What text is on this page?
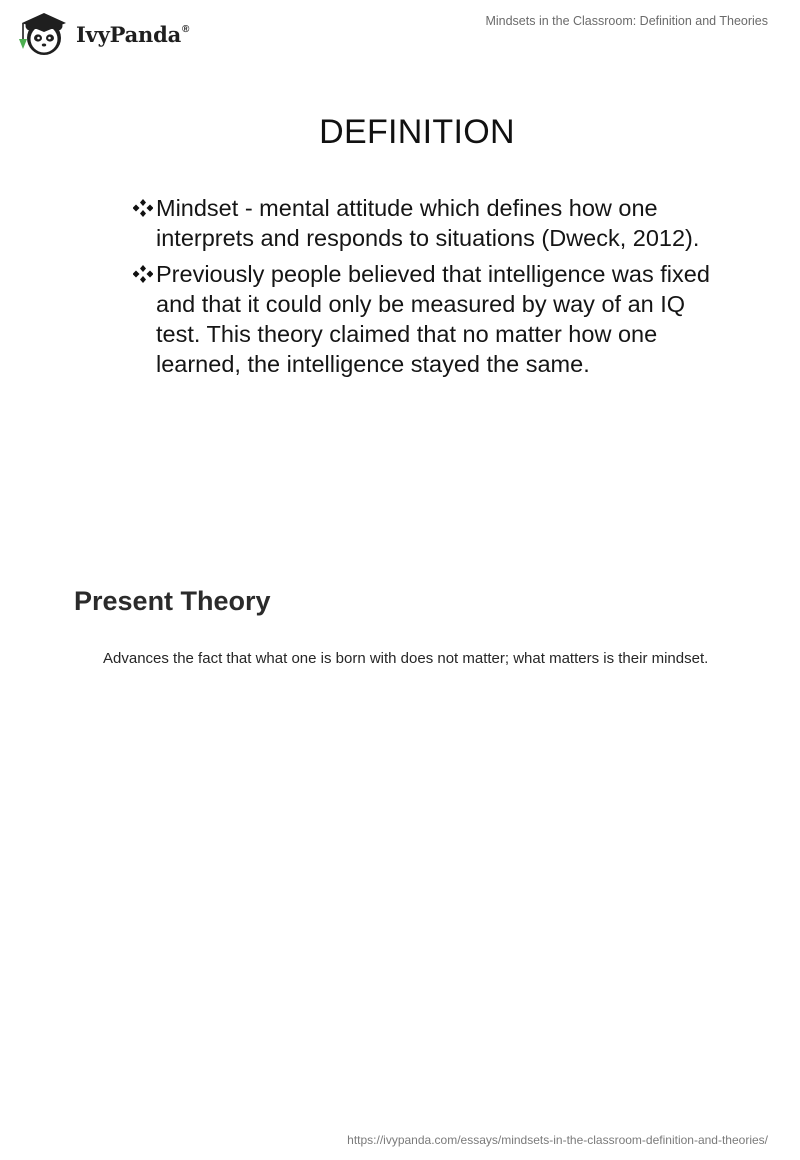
IvyPanda®
Mindsets in the Classroom: Definition and Theories
DEFINITION
Mindset - mental attitude which defines how one interprets and responds to situations (Dweck, 2012).
Previously people believed that intelligence was fixed and that it could only be measured by way of an IQ test. This theory claimed that no matter how one learned, the intelligence stayed the same.
Present Theory

Advances the fact that what one is born with does not matter; what matters is their mindset.

https://ivypanda.com/essays/mindsets-in-the-classroom-definition-and-theories/
